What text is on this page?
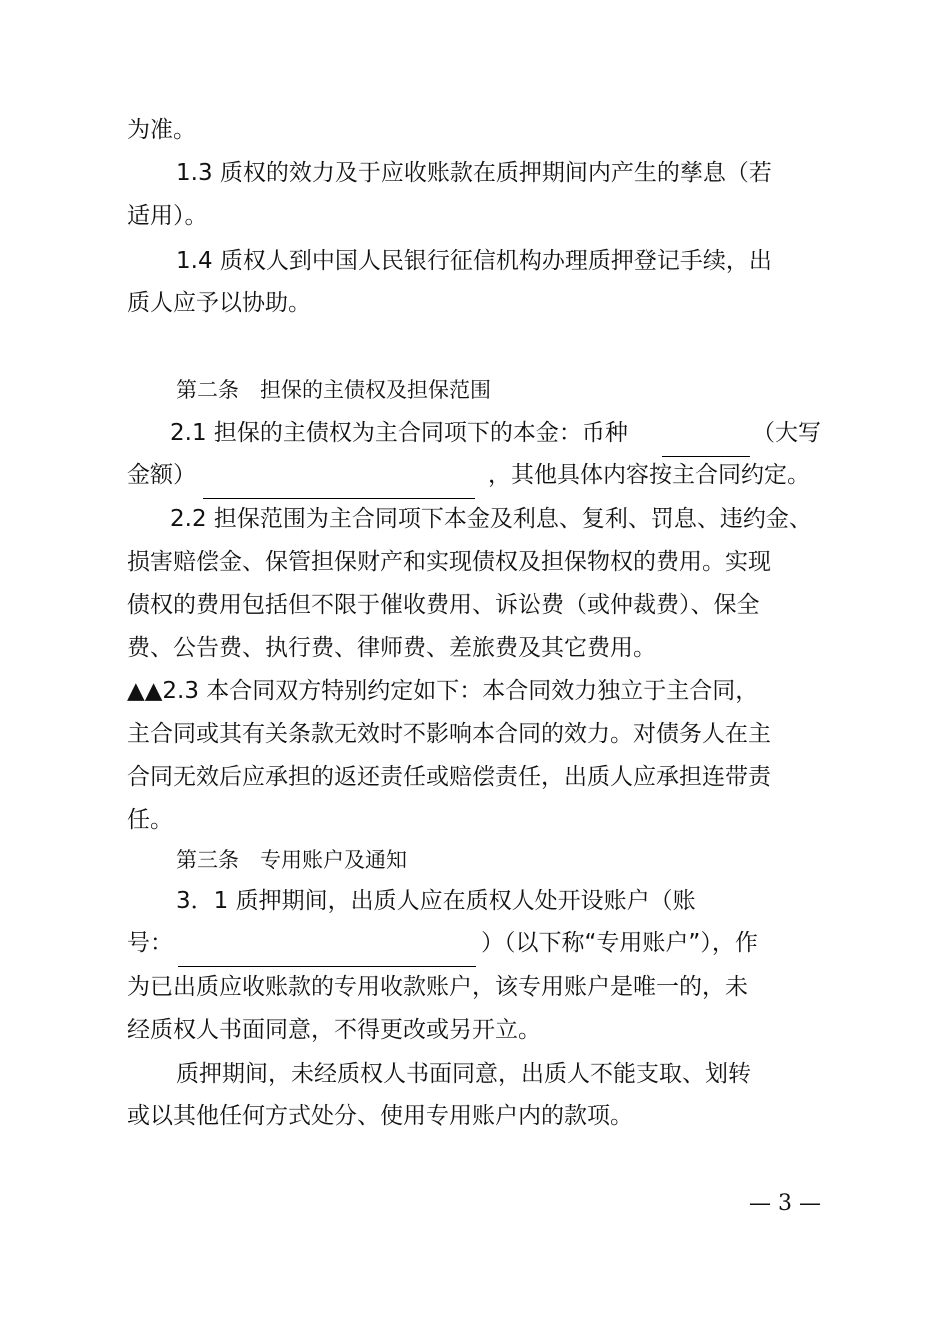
为准。
1.3 质权的效力及于应收账款在质押期间内产生的孳息（若
适用）。
1.4 质权人到中国人民银行征信机构办理质押登记手续，出
质人应予以协助。
第二条　担保的主债权及担保范围
2.1 担保的主债权为主合同项下的本金：币种	（大写
金额）	，其他具体内容按主合同约定。
2.2 担保范围为主合同项下本金及利息、复利、罚息、违约金、
损害赔偿金、保管担保财产和实现债权及担保物权的费用。实现
债权的费用包括但不限于催收费用、诉讼费（或仲裁费）、保全
费、公告费、执行费、律师费、差旅费及其它费用。
▲▲2.3 本合同双方特别约定如下：本合同效力独立于主合同，
主合同或其有关条款无效时不影响本合同的效力。对债务人在主
合同无效后应承担的返还责任或赔偿责任，出质人应承担连带责
任。
第三条　专用账户及通知
3．1 质押期间，出质人应在质权人处开设账户（账
号：	）（以下称“专用账户”），作
为已出质应收账款的专用收款账户，该专用账户是唯一的，未
经质权人书面同意，不得更改或另开立。
质押期间，未经质权人书面同意，出质人不能支取、划转
或以其他任何方式处分、使用专用账户内的款项。
— 3 —
